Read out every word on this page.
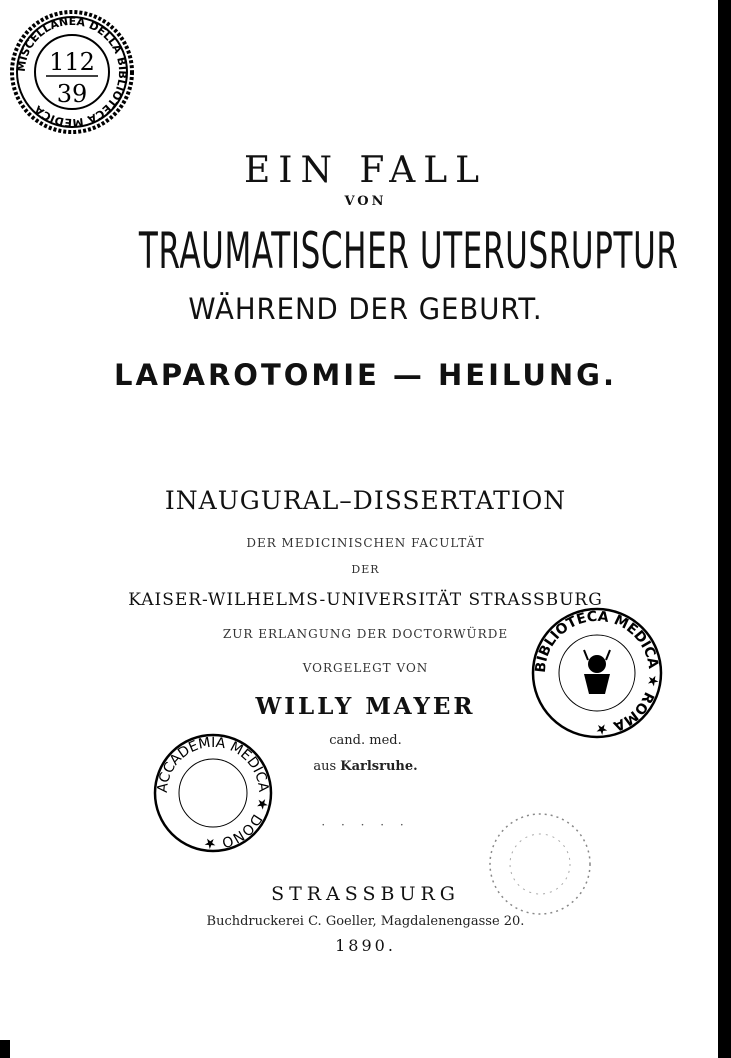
MISCELLANEA DELLA BIBLIOTECA MEDICA
112
39
EIN FALL
VON
TRAUMATISCHER UTERUSRUPTUR
WÄHREND DER GEBURT.
LAPAROTOMIE — HEILUNG.
INAUGURAL–DISSERTATION
DER MEDICINISCHEN FACULTÄT
DER
KAISER-WILHELMS-UNIVERSITÄT STRASSBURG
ZUR ERLANGUNG DER DOCTORWÜRDE
VORGELEGT VON
WILLY MAYER
cand. med.
aus Karlsruhe.
· · · · ·
STRASSBURG
Buchdruckerei C. Goeller, Magdalenengasse 20.
1890.
ACCADEMIA MEDICA ★ DONO ★
BIBLIOTECA MEDICA ★ ROMA ★
